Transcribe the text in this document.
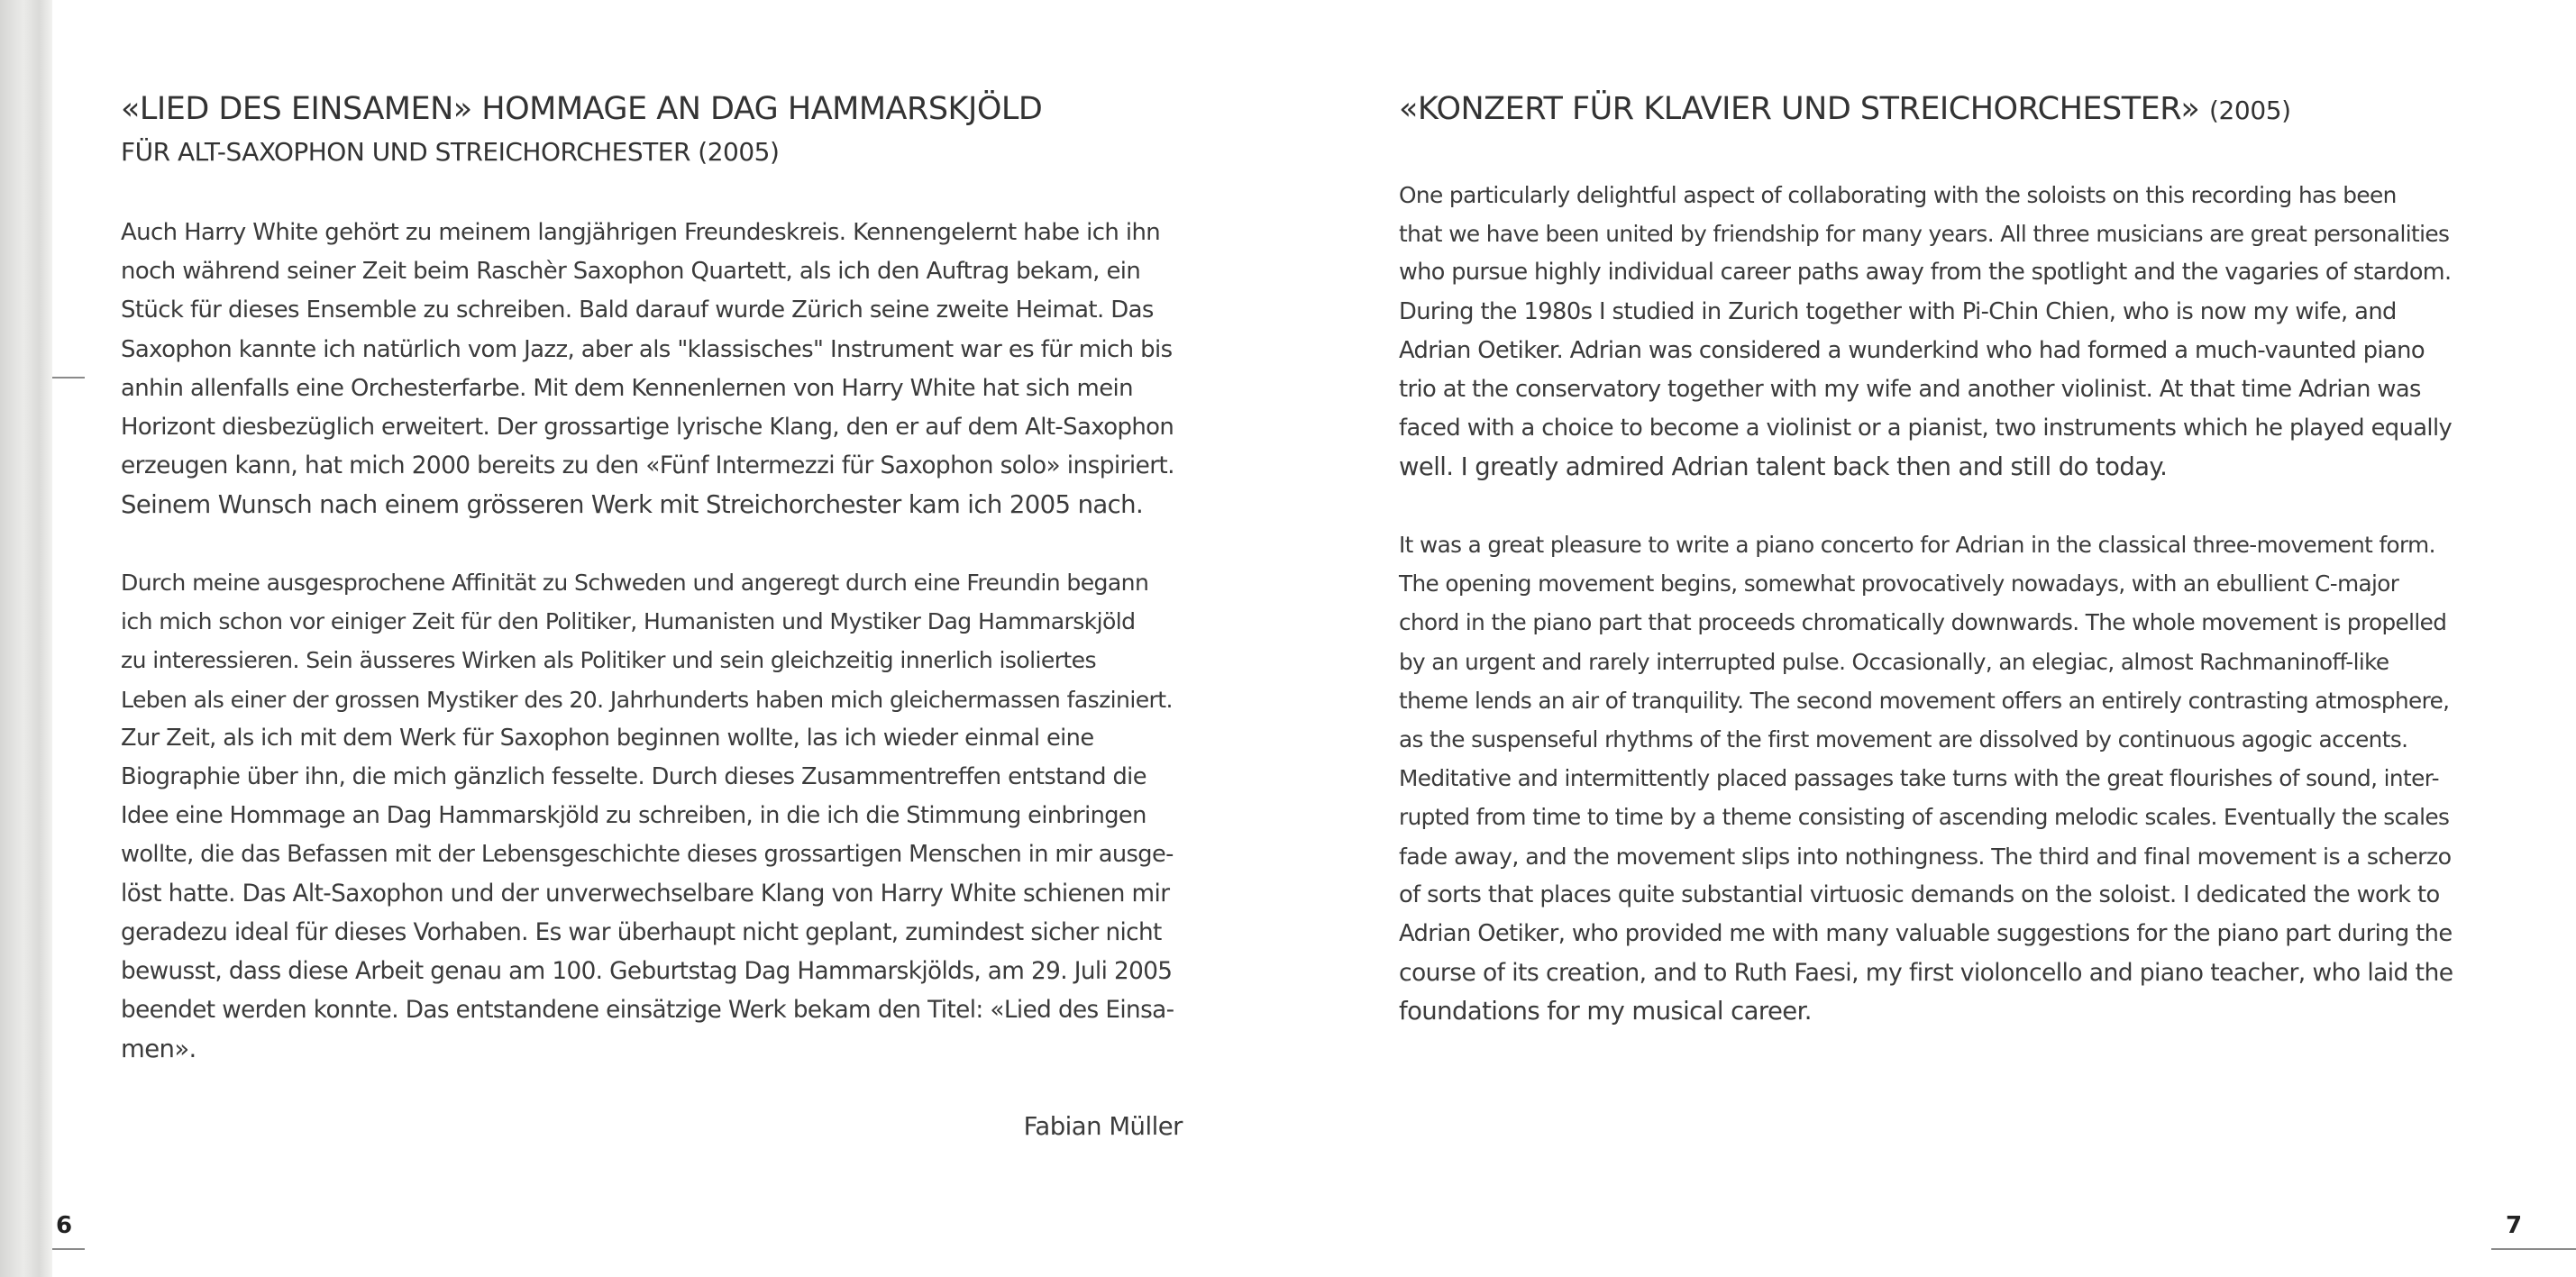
«LIED DES EINSAMEN» HOMMAGE AN DAG HAMMARSKJÖLD
FÜR ALT-SAXOPHON UND STREICHORCHESTER (2005)
Auch Harry White gehört zu meinem langjährigen Freundeskreis. Kennengelernt habe ich ihn
noch während seiner Zeit beim Raschèr Saxophon Quartett, als ich den Auftrag bekam, ein
Stück für dieses Ensemble zu schreiben. Bald darauf wurde Zürich seine zweite Heimat. Das
Saxophon kannte ich natürlich vom Jazz, aber als "klassisches" Instrument war es für mich bis
anhin allenfalls eine Orchesterfarbe. Mit dem Kennenlernen von Harry White hat sich mein
Horizont diesbezüglich erweitert. Der grossartige lyrische Klang, den er auf dem Alt-Saxophon
erzeugen kann, hat mich 2000 bereits zu den «Fünf Intermezzi für Saxophon solo» inspiriert.
Seinem Wunsch nach einem grösseren Werk mit Streichorchester kam ich 2005 nach.
Durch meine ausgesprochene Affinität zu Schweden und angeregt durch eine Freundin begann
ich mich schon vor einiger Zeit für den Politiker, Humanisten und Mystiker Dag Hammarskjöld
zu interessieren. Sein äusseres Wirken als Politiker und sein gleichzeitig innerlich isoliertes
Leben als einer der grossen Mystiker des 20. Jahrhunderts haben mich gleichermassen fasziniert.
Zur Zeit, als ich mit dem Werk für Saxophon beginnen wollte, las ich wieder einmal eine
Biographie über ihn, die mich gänzlich fesselte. Durch dieses Zusammentreffen entstand die
Idee eine Hommage an Dag Hammarskjöld zu schreiben, in die ich die Stimmung einbringen
wollte, die das Befassen mit der Lebensgeschichte dieses grossartigen Menschen in mir ausge-
löst hatte. Das Alt-Saxophon und der unverwechselbare Klang von Harry White schienen mir
geradezu ideal für dieses Vorhaben. Es war überhaupt nicht geplant, zumindest sicher nicht
bewusst, dass diese Arbeit genau am 100. Geburtstag Dag Hammarskjölds, am 29. Juli 2005
beendet werden konnte. Das entstandene einsätzige Werk bekam den Titel: «Lied des Einsa-
men».
Fabian Müller
6
«KONZERT FÜR KLAVIER UND STREICHORCHESTER» (2005)
One particularly delightful aspect of collaborating with the soloists on this recording has been
that we have been united by friendship for many years. All three musicians are great personalities
who pursue highly individual career paths away from the spotlight and the vagaries of stardom.
During the 1980s I studied in Zurich together with Pi-Chin Chien, who is now my wife, and
Adrian Oetiker. Adrian was considered a wunderkind who had formed a much-vaunted piano
trio at the conservatory together with my wife and another violinist. At that time Adrian was
faced with a choice to become a violinist or a pianist, two instruments which he played equally
well. I greatly admired Adrian talent back then and still do today.
It was a great pleasure to write a piano concerto for Adrian in the classical three-movement form.
The opening movement begins, somewhat provocatively nowadays, with an ebullient C-major
chord in the piano part that proceeds chromatically downwards. The whole movement is propelled
by an urgent and rarely interrupted pulse. Occasionally, an elegiac, almost Rachmaninoff-like
theme lends an air of tranquility. The second movement offers an entirely contrasting atmosphere,
as the suspenseful rhythms of the first movement are dissolved by continuous agogic accents.
Meditative and intermittently placed passages take turns with the great flourishes of sound, inter-
rupted from time to time by a theme consisting of ascending melodic scales. Eventually the scales
fade away, and the movement slips into nothingness. The third and final movement is a scherzo
of sorts that places quite substantial virtuosic demands on the soloist. I dedicated the work to
Adrian Oetiker, who provided me with many valuable suggestions for the piano part during the
course of its creation, and to Ruth Faesi, my first violoncello and piano teacher, who laid the
foundations for my musical career.
7
